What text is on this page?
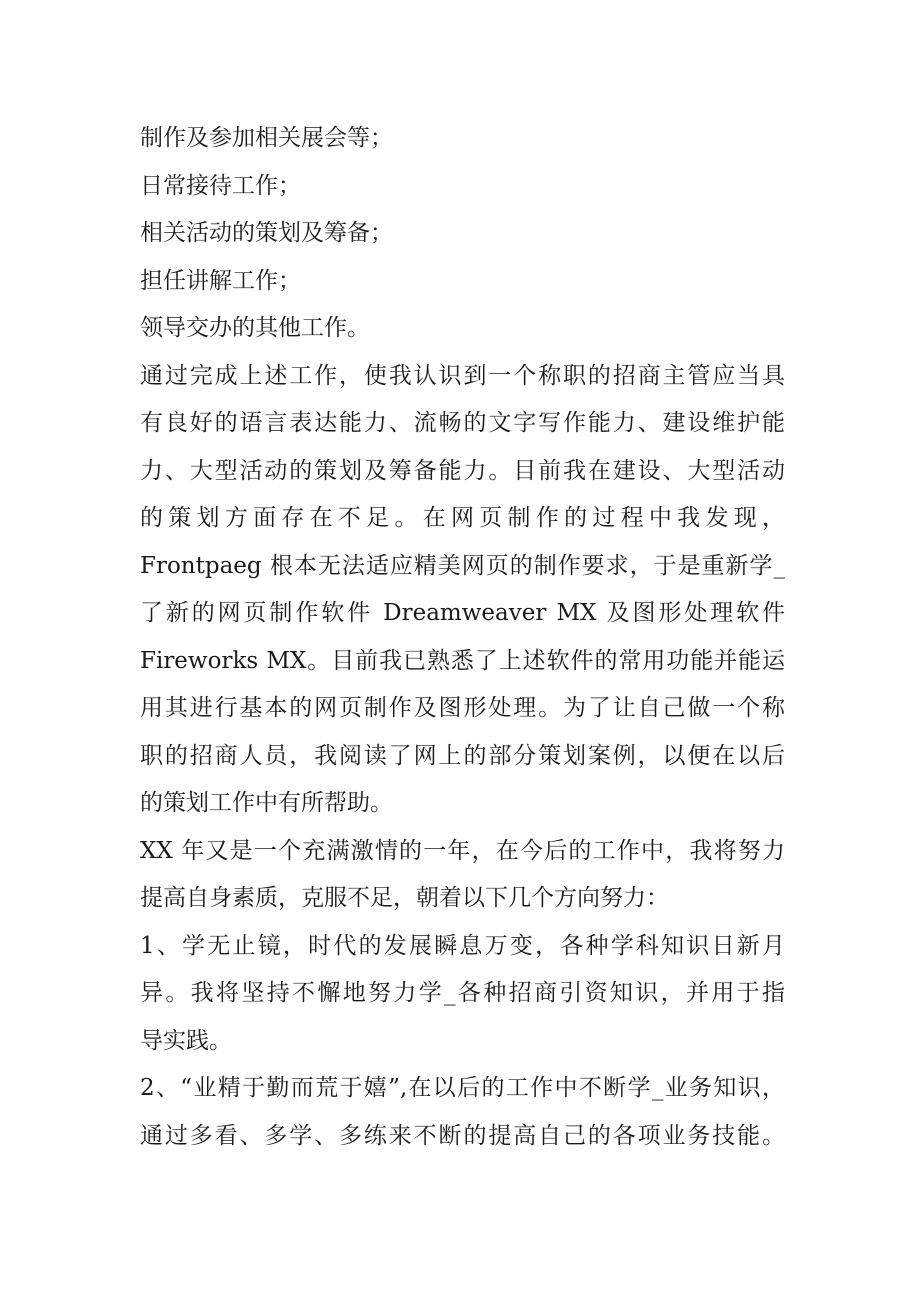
制作及参加相关展会等；
日常接待工作；
相关活动的策划及筹备；
担任讲解工作；
领导交办的其他工作。
通过完成上述工作，使我认识到一个称职的招商主管应当具
有良好的语言表达能力、流畅的文字写作能力、建设维护能
力、大型活动的策划及筹备能力。目前我在建设、大型活动
的策划方面存在不足。在网页制作的过程中我发现，
Frontpaeg 根本无法适应精美网页的制作要求，于是重新学_
了新的网页制作软件 Dreamweaver MX 及图形处理软件
Fireworks MX。目前我已熟悉了上述软件的常用功能并能运
用其进行基本的网页制作及图形处理。为了让自己做一个称
职的招商人员，我阅读了网上的部分策划案例，以便在以后
的策划工作中有所帮助。
XX 年又是一个充满激情的一年，在今后的工作中，我将努力
提高自身素质，克服不足，朝着以下几个方向努力：
1、学无止镜，时代的发展瞬息万变，各种学科知识日新月
异。我将坚持不懈地努力学_各种招商引资知识，并用于指
导实践。
2、“业精于勤而荒于嬉”,在以后的工作中不断学_业务知识，
通过多看、多学、多练来不断的提高自己的各项业务技能。
